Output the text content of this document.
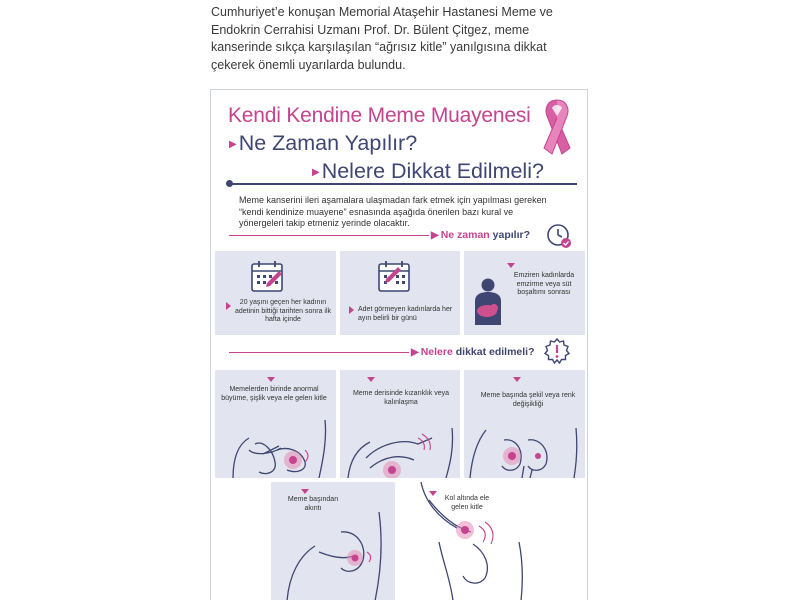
Cumhuriyet’e konuşan Memorial Ataşehir Hastanesi Meme ve Endokrin Cerrahisi Uzmanı Prof. Dr. Bülent Çitgez, meme kanserinde sıkça karşılaşılan “ağrısız kitle” yanılgısına dikkat çekerek önemli uyarılarda bulundu.
Kendi Kendine Meme Muayenesi
▶Ne Zaman Yapılır?
▶Nelere Dikkat Edilmeli?
Meme kanserini ileri aşamalara ulaşmadan fark etmek için yapılması gereken “kendi kendinize muayene” esnasında aşağıda önerilen bazı kural ve yönergeleri takip etmeniz yerinde olacaktır.
▶ Ne zaman yapılır?
20 yaşını geçen her kadının adetinin bittiği tarihten sonra ilk hafta içinde
Adet görmeyen kadınlarda her ayın belirli bir günü
Emziren kadınlarda emzirme veya süt boşaltımı sonrası
▶ Nelere dikkat edilmeli?
Memelerden birinde anormal büyüme, şişlik veya ele gelen kitle
Meme derisinde kızarıklık veya kalınlaşma
Meme başında şekil veya renk değişikliği
Meme başından akıntı
Kol altında ele gelen kitle
